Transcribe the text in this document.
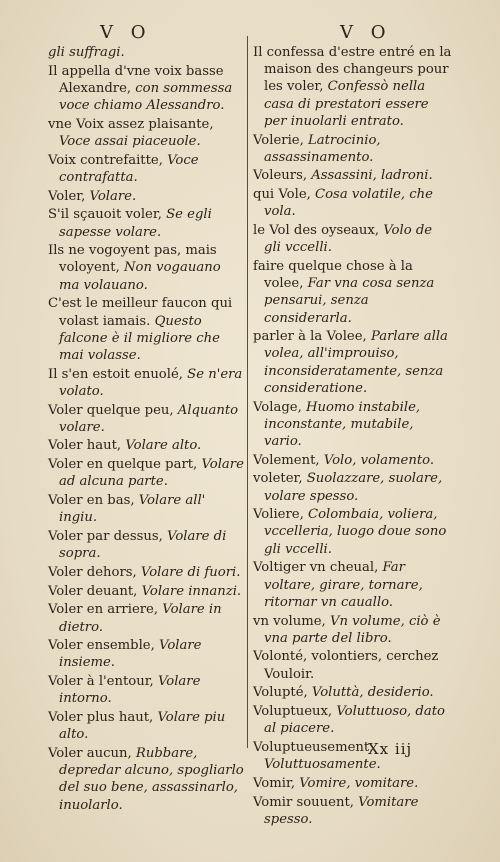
V O	V O
gli suffragi.
Il appella d'vne voix basse Alexandre, con sommessa voce chiamo Alessandro.
vne Voix assez plaisante, Voce assai piaceuole.
Voix contrefaitte, Voce contrafatta.
Voler, Volare.
S'il sçauoit voler, Se egli sapesse volare.
Ils ne vogoyent pas, mais voloyent, Non vogauano ma volauano.
C'est le meilleur faucon qui volast iamais. Questo falcone è il migliore che mai volasse.
Il s'en estoit enuolé, Se n'era volato.
Voler quelque peu, Alquanto volare.
Voler haut, Volare alto.
Voler en quelque part, Volare ad alcuna parte.
Voler en bas, Volare all' ingiu.
Voler par dessus, Volare di sopra.
Voler dehors, Volare di fuori.
Voler deuant, Volare innanzi.
Voler en arriere, Volare in dietro.
Voler ensemble, Volare insieme.
Voler à l'entour, Volare intorno.
Voler plus haut, Volare piu alto.
Voler aucun, Rubbare, depredar alcuno, spogliarlo del suo bene, assassinarlo, inuolarlo.
Il confessa d'estre entré en la maison des changeurs pour les voler, Confessò nella casa di prestatori essere per inuolarli entrato.
Volerie, Latrocinio, assassinamento.
Voleurs, Assassini, ladroni.
qui Vole, Cosa volatile, che vola.
le Vol des oyseaux, Volo de gli vccelli.
faire quelque chose à la volee, Far vna cosa senza pensarui, senza considerarla.
parler à la Volee, Parlare alla volea, all'improuiso, inconsideratamente, senza consideratione.
Volage, Huomo instabile, inconstante, mutabile, vario.
Volement, Volo, volamento.
voleter, Suolazzare, suolare, volare spesso.
Voliere, Colombaia, voliera, vccelleria, luogo doue sono gli vccelli.
Voltiger vn cheual, Far voltare, girare, tornare, ritornar vn cauallo.
vn volume, Vn volume, ciò è vna parte del libro.
Volonté, volontiers, cerchez Vouloir.
Volupté, Voluttà, desiderio.
Voluptueux, Voluttuoso, dato al piacere.
Voluptueusement, Voluttuosamente.
Vomir, Vomire, vomitare.
Vomir souuent, Vomitare spesso.
Xx iij
